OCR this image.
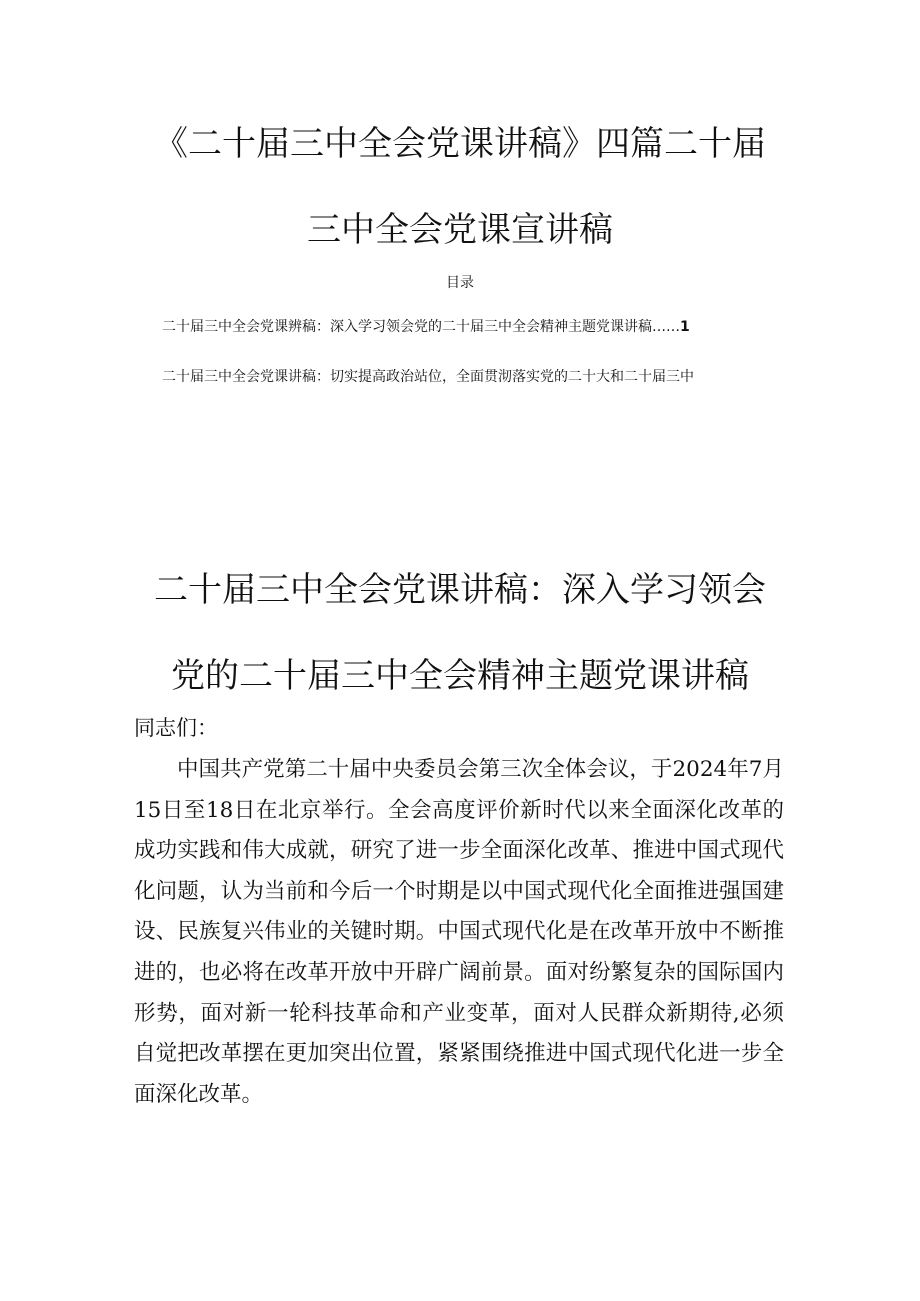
《二十届三中全会党课讲稿》四篇二十届
三中全会党课宣讲稿
目录
二十届三中全会党课辨稿：深入学习领会党的二十届三中全会精神主题党课讲稿……1
二十届三中全会党课讲稿：切实提高政治站位，全面贯沏落实党的二十大和二十届三中
二十届三中全会党课讲稿：深入学习领会
党的二十届三中全会精神主题党课讲稿
同志们：

中国共产党第二十届中央委员会第三次全体会议，于2024年7月15日至18日在北京举行。全会高度评价新时代以来全面深化改革的成功实践和伟大成就，研究了进一步全面深化改革、推进中国式现代化问题，认为当前和今后一个时期是以中国式现代化全面推进强国建设、民族复兴伟业的关键时期。中国式现代化是在改革开放中不断推进的，也必将在改革开放中开辟广阔前景。面对纷繁复杂的国际国内形势，面对新一轮科技革命和产业变革，面对人民群众新期待,必须自觉把改革摆在更加突出位置，紧紧围绕推进中国式现代化进一步全面深化改革。
